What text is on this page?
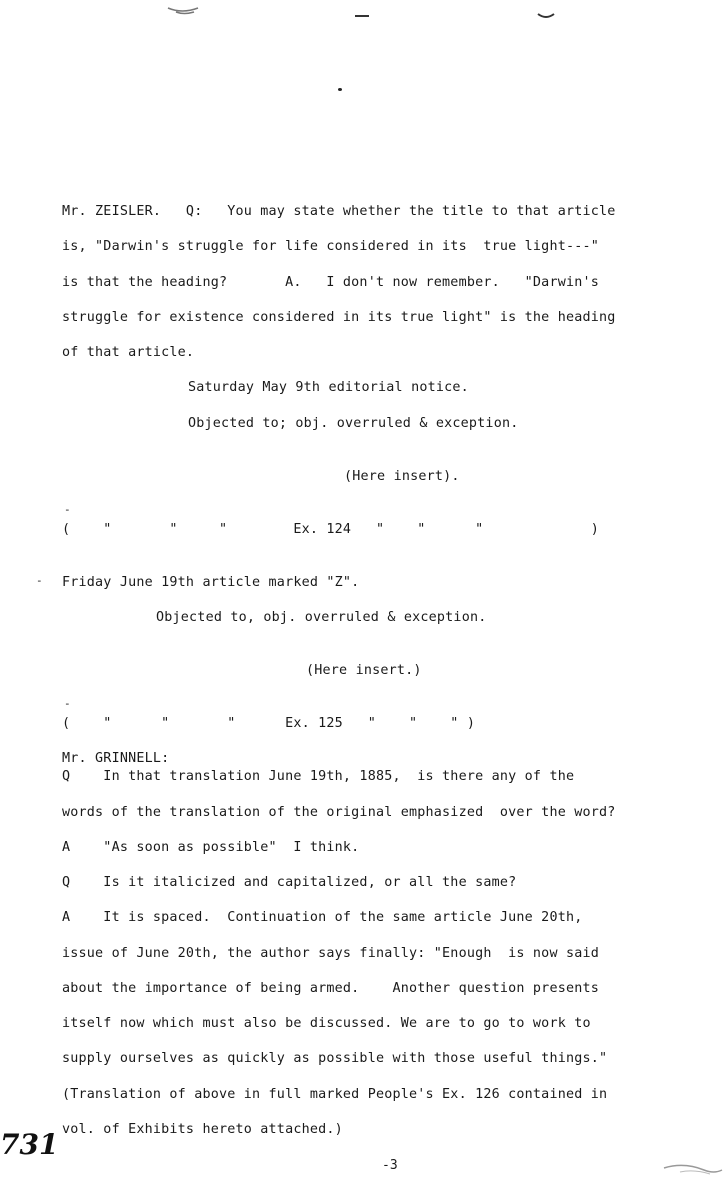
Mr. ZEISLER.   Q:   You may state whether the title to that article
is, "Darwin's struggle for life considered in its  true light---"
is that the heading?       A.   I don't now remember.   "Darwin's
struggle for existence considered in its true light" is the heading
of that article.
Saturday May 9th editorial notice.
Objected to; obj. overruled & exception.
(Here insert).
(    "       "     "        Ex. 124   "    "      "             )
Friday June 19th article marked "Z".
Objected to, obj. overruled & exception.
(Here insert.)
(    "      "       "      Ex. 125   "    "    " )
Mr. GRINNELL:
Q    In that translation June 19th, 1885,  is there any of the
words of the translation of the original emphasized  over the word?
A    "As soon as possible"  I think.
Q    Is it italicized and capitalized, or all the same?
A    It is spaced.  Continuation of the same article June 20th,
issue of June 20th, the author says finally: "Enough  is now said
about the importance of being armed.    Another question presents
itself now which must also be discussed. We are to go to work to
supply ourselves as quickly as possible with those useful things."
(Translation of above in full marked People's Ex. 126 contained in
vol. of Exhibits hereto attached.)
-
-
-
731
-3
